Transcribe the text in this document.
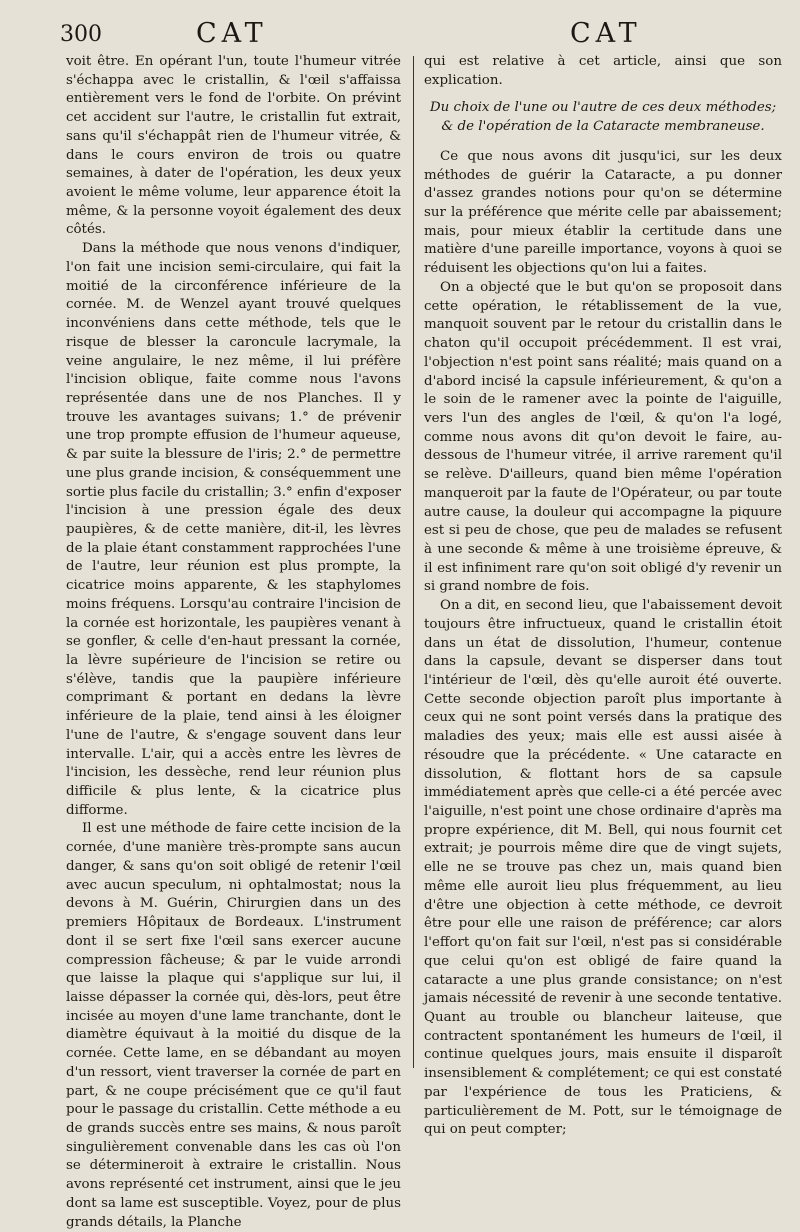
300	CAT	CAT

voit être. En opérant l'un, toute l'humeur vitrée s'échappa avec le cristallin, & l'œil s'affaissa entièrement vers le fond de l'orbite. On prévint cet accident sur l'autre, le cristallin fut extrait, sans qu'il s'échappât rien de l'humeur vitrée, & dans le cours environ de trois ou quatre semaines, à dater de l'opération, les deux yeux avoient le même volume, leur apparence étoit la même, & la personne voyoit également des deux côtés.

Dans la méthode que nous venons d'indiquer, l'on fait une incision semi-circulaire, qui fait la moitié de la circonférence inférieure de la cornée. M. de Wenzel ayant trouvé quelques inconvéniens dans cette méthode, tels que le risque de blesser la caroncule lacrymale, la veine angulaire, le nez même, il lui préfère l'incision oblique, faite comme nous l'avons représentée dans une de nos Planches. Il y trouve les avantages suivans; 1.° de prévenir une trop prompte effusion de l'humeur aqueuse, & par suite la blessure de l'iris; 2.° de permettre une plus grande incision, & conséquemment une sortie plus facile du cristallin; 3.° enfin d'exposer l'incision à une pression égale des deux paupières, & de cette manière, dit-il, les lèvres de la plaie étant constamment rapprochées l'une de l'autre, leur réunion est plus prompte, la cicatrice moins apparente, & les staphylomes moins fréquens. Lorsqu'au contraire l'incision de la cornée est horizontale, les paupières venant à se gonfler, & celle d'en-haut pressant la cornée, la lèvre supérieure de l'incision se retire ou s'élève, tandis que la paupière inférieure comprimant & portant en dedans la lèvre inférieure de la plaie, tend ainsi à les éloigner l'une de l'autre, & s'engage souvent dans leur intervalle. L'air, qui a accès entre les lèvres de l'incision, les dessèche, rend leur réunion plus difficile & plus lente, & la cicatrice plus difforme.

Il est une méthode de faire cette incision de la cornée, d'une manière très-prompte sans aucun danger, & sans qu'on soit obligé de retenir l'œil avec aucun speculum, ni ophtalmostat; nous la devons à M. Guérin, Chirurgien dans un des premiers Hôpitaux de Bordeaux. L'instrument dont il se sert fixe l'œil sans exercer aucune compression fâcheuse; & par le vuide arrondi que laisse la plaque qui s'applique sur lui, il laisse dépasser la cornée qui, dès-lors, peut être incisée au moyen d'une lame tranchante, dont le diamètre équivaut à la moitié du disque de la cornée. Cette lame, en se débandant au moyen d'un ressort, vient traverser la cornée de part en part, & ne coupe précisément que ce qu'il faut pour le passage du cristallin. Cette méthode a eu de grands succès entre ses mains, & nous paroît singulièrement convenable dans les cas où l'on se détermineroit à extraire le cristallin. Nous avons représenté cet instrument, ainsi que le jeu dont sa lame est susceptible. Voyez, pour de plus grands détails, la Planche

qui est relative à cet article, ainsi que son explication.

Du choix de l'une ou l'autre de ces deux méthodes;
& de l'opération de la Cataracte membraneuse.

Ce que nous avons dit jusqu'ici, sur les deux méthodes de guérir la Cataracte, a pu donner d'assez grandes notions pour qu'on se détermine sur la préférence que mérite celle par abaissement; mais, pour mieux établir la certitude dans une matière d'une pareille importance, voyons à quoi se réduisent les objections qu'on lui a faites.

On a objecté que le but qu'on se proposoit dans cette opération, le rétablissement de la vue, manquoit souvent par le retour du cristallin dans le chaton qu'il occupoit précédemment. Il est vrai, l'objection n'est point sans réalité; mais quand on a d'abord incisé la capsule inférieurement, & qu'on a le soin de le ramener avec la pointe de l'aiguille, vers l'un des angles de l'œil, & qu'on l'a logé, comme nous avons dit qu'on devoit le faire, au-dessous de l'humeur vitrée, il arrive rarement qu'il se relève. D'ailleurs, quand bien même l'opération manqueroit par la faute de l'Opérateur, ou par toute autre cause, la douleur qui accompagne la piquure est si peu de chose, que peu de malades se refusent à une seconde & même à une troisième épreuve, & il est infiniment rare qu'on soit obligé d'y revenir un si grand nombre de fois.

On a dit, en second lieu, que l'abaissement devoit toujours être infructueux, quand le cristallin étoit dans un état de dissolution, l'humeur, contenue dans la capsule, devant se disperser dans tout l'intérieur de l'œil, dès qu'elle auroit été ouverte. Cette seconde objection paroît plus importante à ceux qui ne sont point versés dans la pratique des maladies des yeux; mais elle est aussi aisée à résoudre que la précédente. « Une cataracte en dissolution, & flottant hors de sa capsule immédiatement après que celle-ci a été percée avec l'aiguille, n'est point une chose ordinaire d'après ma propre expérience, dit M. Bell, qui nous fournit cet extrait; je pourrois même dire que de vingt sujets, elle ne se trouve pas chez un, mais quand bien même elle auroit lieu plus fréquemment, au lieu d'être une objection à cette méthode, ce devroit être pour elle une raison de préférence; car alors l'effort qu'on fait sur l'œil, n'est pas si considérable que celui qu'on est obligé de faire quand la cataracte a une plus grande consistance; on n'est jamais nécessité de revenir à une seconde tentative. Quant au trouble ou blancheur laiteuse, que contractent spontanément les humeurs de l'œil, il continue quelques jours, mais ensuite il disparoît insensiblement & complétement; ce qui est constaté par l'expérience de tous les Praticiens, & particulièrement de M. Pott, sur le témoignage de qui on peut compter;
